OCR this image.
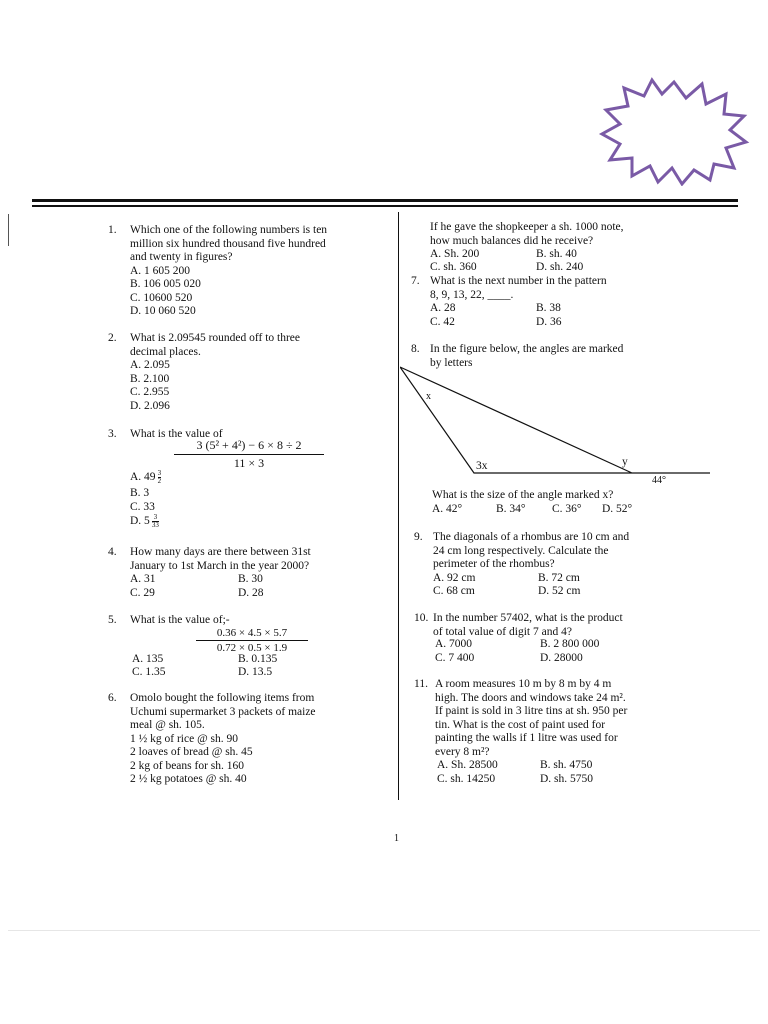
1. Which one of the following numbers is ten
million six hundred thousand five hundred
and twenty in figures?
A. 1 605 200
B. 106 005 020
C. 10600 520
D. 10 060 520
2. What is 2.09545 rounded off to three
decimal places.
A. 2.095
B. 2.100
C. 2.955
D. 2.096
3. What is the value of
$\frac{\text{3 (5² + 4²) − 6 × 8 ÷ 2}}{11 \times 3}$
A. 49 3
2
B. 3
C. 33
D. 5 3
33
4. How many days are there between 31st
January to 1st March in the year 2000?
A. 31	B. 30
C. 29	D. 28
5. What is the value of;-
$\frac{0.36 \times 4.5 \times 5.7}{0.72 \times 0.5 \times 1.9}$
A. 135	B. 0.135
C. 1.35	D. 13.5
6. Omolo bought the following items from
Uchumi supermarket 3 packets of maize
meal @ sh. 105.
1 ½ kg of rice @ sh. 90
2 loaves of bread @ sh. 45
2 kg of beans for sh. 160
2 ½ kg potatoes @ sh. 40
If he gave the shopkeeper a sh. 1000 note,
how much balances did he receive?
A. Sh. 200	B. sh. 40
C. sh. 360	D. sh. 240
7. What is the next number in the pattern
8, 9, 13, 22, ____.
A. 28	B. 38
C. 42	D. 36
8. In the figure below, the angles are marked
by letters
x
3x	y
44°
What is the size of the angle marked x?
A. 42°	B. 34° C. 36° D. 52°
9. The diagonals of a rhombus are 10 cm and
24 cm long respectively. Calculate the
perimeter of the rhombus?
A. 92 cm	B. 72 cm
C. 68 cm	D. 52 cm
10. In the number 57402, what is the product
of total value of digit 7 and 4?
A. 7000	B. 2 800 000
C. 7 400	D. 28000
11. A room measures 10 m by 8 m by 4 m
high. The doors and windows take 24 m².
If paint is sold in 3 litre tins at sh. 950 per
tin. What is the cost of paint used for
painting the walls if 1 litre was used for
every 8 m²?
A. Sh. 28500	B. sh. 4750
C. sh. 14250	D. sh. 5750
1
